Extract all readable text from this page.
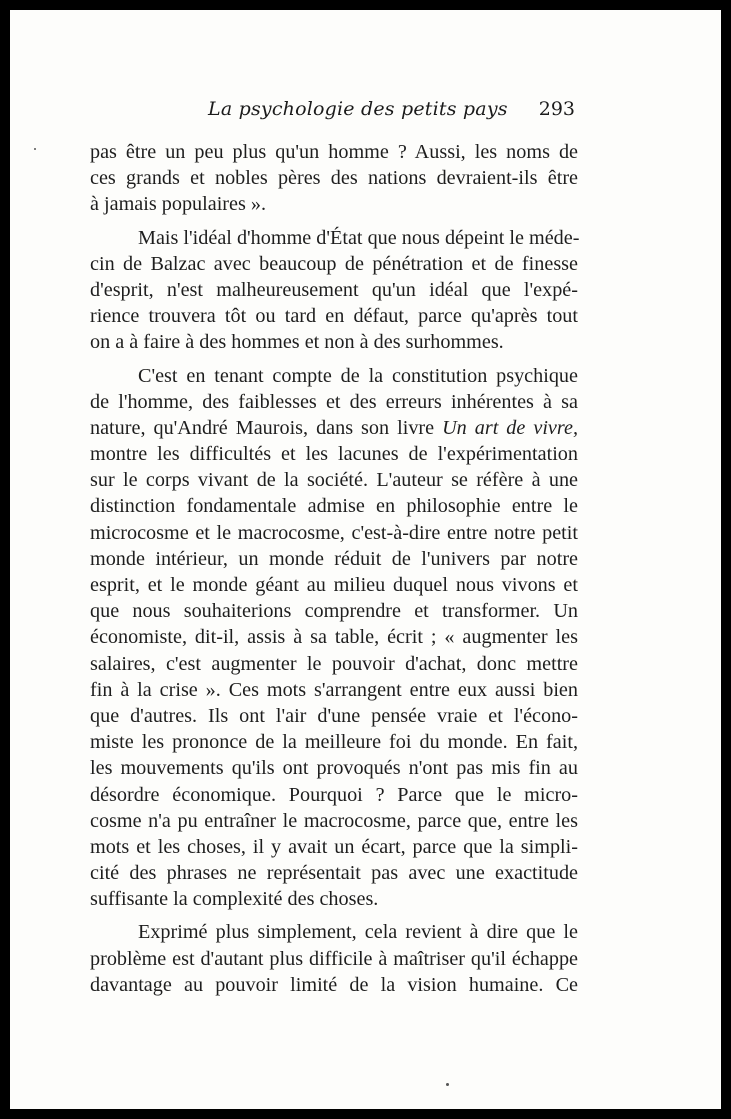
La psychologie des petits pays 293
pas être un peu plus qu'un homme ? Aussi, les noms de
ces grands et nobles pères des nations devraient-ils être
à jamais populaires ».
Mais l'idéal d'homme d'État que nous dépeint le méde-
cin de Balzac avec beaucoup de pénétration et de finesse
d'esprit, n'est malheureusement qu'un idéal que l'expé-
rience trouvera tôt ou tard en défaut, parce qu'après tout
on a à faire à des hommes et non à des surhommes.
C'est en tenant compte de la constitution psychique
de l'homme, des faiblesses et des erreurs inhérentes à sa
nature, qu'André Maurois, dans son livre Un art de vivre,
montre les difficultés et les lacunes de l'expérimentation
sur le corps vivant de la société. L'auteur se réfère à une
distinction fondamentale admise en philosophie entre le
microcosme et le macrocosme, c'est-à-dire entre notre petit
monde intérieur, un monde réduit de l'univers par notre
esprit, et le monde géant au milieu duquel nous vivons et
que nous souhaiterions comprendre et transformer. Un
économiste, dit-il, assis à sa table, écrit ; « augmenter les
salaires, c'est augmenter le pouvoir d'achat, donc mettre
fin à la crise ». Ces mots s'arrangent entre eux aussi bien
que d'autres. Ils ont l'air d'une pensée vraie et l'écono-
miste les prononce de la meilleure foi du monde. En fait,
les mouvements qu'ils ont provoqués n'ont pas mis fin au
désordre économique. Pourquoi ? Parce que le micro-
cosme n'a pu entraîner le macrocosme, parce que, entre les
mots et les choses, il y avait un écart, parce que la simpli-
cité des phrases ne représentait pas avec une exactitude
suffisante la complexité des choses.
Exprimé plus simplement, cela revient à dire que le
problème est d'autant plus difficile à maîtriser qu'il échappe
davantage au pouvoir limité de la vision humaine. Ce
